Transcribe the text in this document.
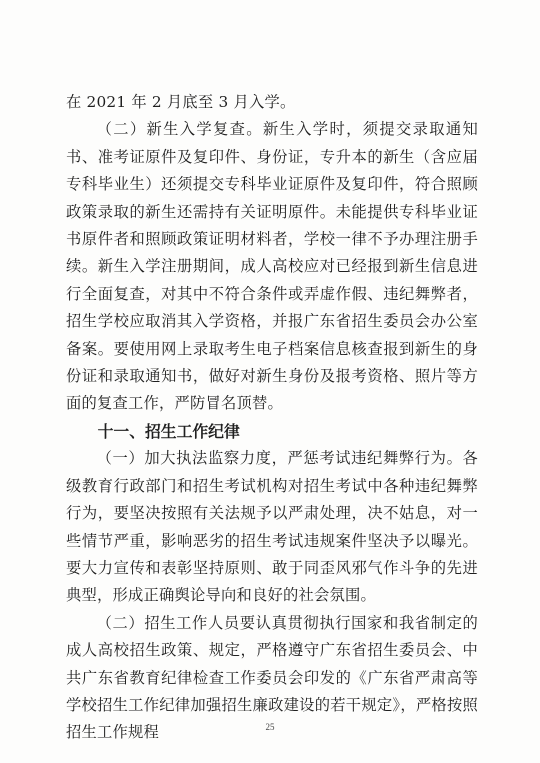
在 2021 年 2 月底至 3 月入学。

（二）新生入学复查。新生入学时，须提交录取通知书、准考证原件及复印件、身份证，专升本的新生（含应届专科毕业生）还须提交专科毕业证原件及复印件，符合照顾政策录取的新生还需持有关证明原件。未能提供专科毕业证书原件者和照顾政策证明材料者，学校一律不予办理注册手续。新生入学注册期间，成人高校应对已经报到新生信息进行全面复查，对其中不符合条件或弄虚作假、违纪舞弊者，招生学校应取消其入学资格，并报广东省招生委员会办公室备案。要使用网上录取考生电子档案信息核查报到新生的身份证和录取通知书，做好对新生身份及报考资格、照片等方面的复查工作，严防冒名顶替。

十一、招生工作纪律

（一）加大执法监察力度，严惩考试违纪舞弊行为。各级教育行政部门和招生考试机构对招生考试中各种违纪舞弊行为，要坚决按照有关法规予以严肃处理，决不姑息，对一些情节严重，影响恶劣的招生考试违规案件坚决予以曝光。要大力宣传和表彰坚持原则、敢于同歪风邪气作斗争的先进典型，形成正确舆论导向和良好的社会氛围。

（二）招生工作人员要认真贯彻执行国家和我省制定的成人高校招生政策、规定，严格遵守广东省招生委员会、中共广东省教育纪律检查工作委员会印发的《广东省严肃高等学校招生工作纪律加强招生廉政建设的若干规定》，严格按照招生工作规程	25
